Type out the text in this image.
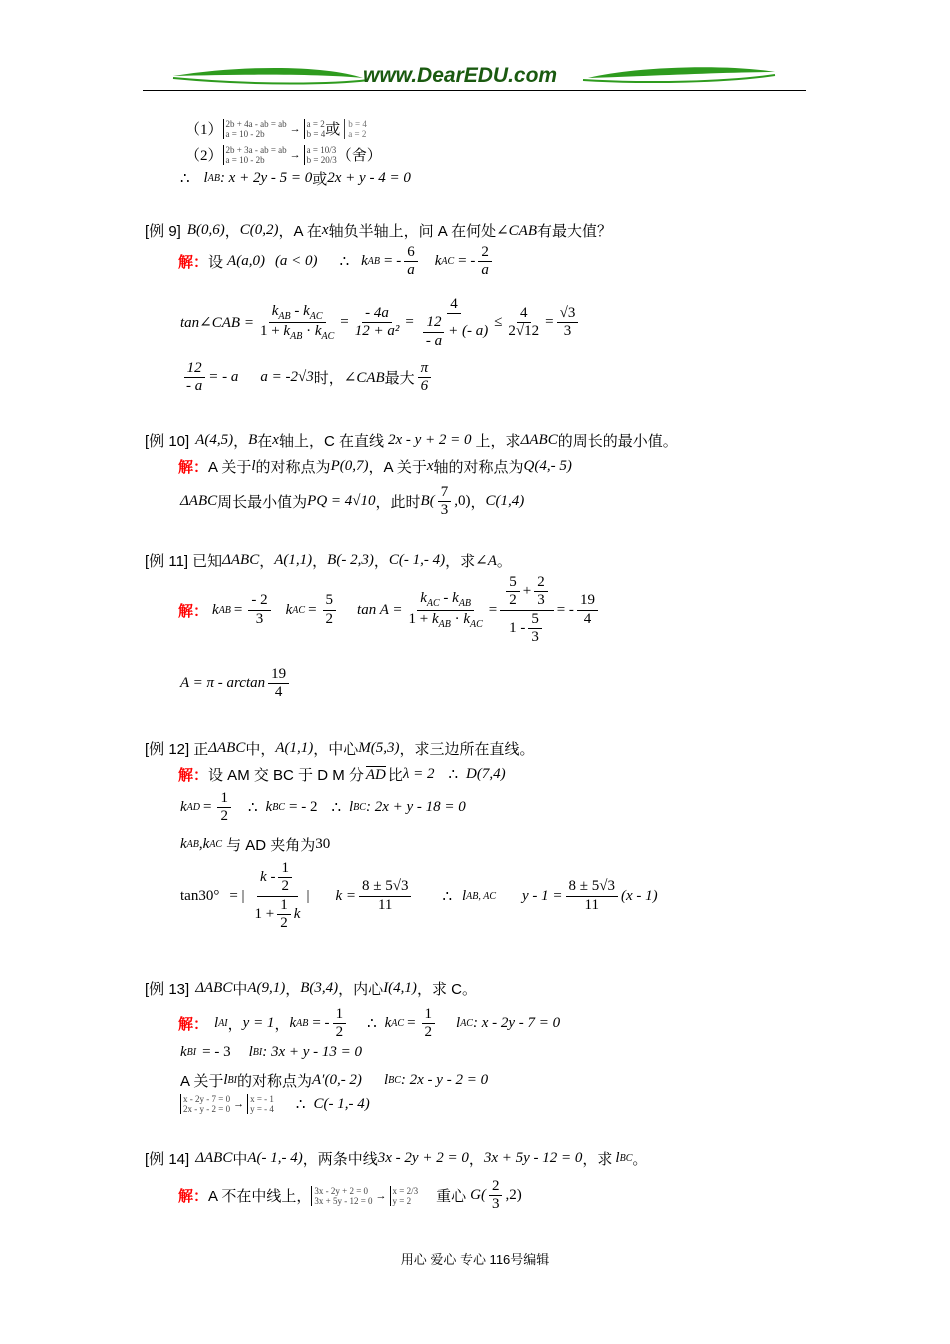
www.DearEDU.com
（1） 2b + 4a - ab = ab
a = 10 - 2b	→ a = 2
b = 4 或 b = 4
a = 2
（2） 2b + 3a - ab = ab
a = 10 - 2b	→ a = 10/3
b = 20/3 （舍）
∴ l AB : x + 2y - 5 = 0 或 2x + y - 4 = 0
[例 9] B(0,6) ， C(0,2) ，A 在 x 轴负半轴上，问 A 在何处 ∠CAB 有最大值？
解： 设 A(a,0) (a < 0) ∴ k AB = - $\frac{6}{a}$ k AC = - $\frac{2}{a}$
tan∠CAB = $\frac{k_{AB} - k_{AC}}{1 + k_{AB} \cdot k_{AC}} = \frac{- 4a}{\text{12 + a²}} = \frac{4}{\frac{12}{- a} + (- a)} \le \frac{4}{2√12} = \frac{√3}{3}$
$\frac{12}{- a}$ = - a a = -2√3 时， ∠CAB 最大 $\frac{\pi}{6}$
[例 10] A(4,5) ， B 在 x 轴上，C 在直线 2x - y + 2 = 0 上，求 ΔABC 的周长的最小值。
解： A 关于 l 的对称点为 P(0,7) ，A 关于 x 轴的对称点为 Q(4,- 5)
ΔABC 周长最小值为 PQ = 4√10 ，此时 $B( \frac{7}{3} ,0)$ ， C(1,4)
[例 11] 已知 ΔABC ， A(1,1) ， B(- 2,3) ， C(- 1,- 4) ， 求 ∠A 。
解： k AB = $\frac{- 2}{3}$ k AC = $\frac{5}{2}$ $\tan A = \frac{k_{AC} - k_{AB}}{1 + k_{AB} \cdot k_{AC}} = \frac{\frac{5}{2} + \frac{2}{3}}{1 - \frac{5}{3}}$ = - $\frac{19}{4}$
$A = \pi - \arctan \frac{19}{4}$
[例 12] 正 ΔABC 中， A(1,1) ，中心 M(5,3) ，求三边所在直线。
解： 设 AM 交 BC 于 D M 分 AD 比 λ = 2 ∴ D(7,4)
k AD = $\frac{1}{2}$ ∴ k BC = - 2 ∴ l BC : 2x + y - 18 = 0
k AB , k AC 与 AD 夹角为 30
tan30° = | $\frac{k - \frac{1}{2}}{1 + \frac{1}{2} k}$ | $k = \frac{8 \pm 5√3}{11}$ ∴ l AB, AC $y - 1 = \frac{8 \pm 5√3}{11} (x - 1)$
[例 13] ΔABC 中 A(9,1) ， B(3,4) ，内心 I(4,1) ，求 C。
解： l AI ， y = 1 ， k AB = - $\frac{1}{2}$ ∴ k AC = $\frac{1}{2}$ l AC : x - 2y - 7 = 0
k BI = - 3 l BI : 3x + y - 13 = 0
A 关于 l BI 的对称点为 A′(0,- 2) l BC : 2x - y - 2 = 0
x - 2y - 7 = 0
2x - y - 2 = 0 → x = - 1
y = - 4 ∴ C(- 1,- 4)
[例 14] ΔABC 中 A(- 1,- 4) ，两条中线 3x - 2y + 2 = 0 ， 3x + 5y - 12 = 0 ，求 l BC 。
解： A 不在中线上， 3x - 2y + 2 = 0
3x + 5y - 12 = 0 → x = 2/3
y = 2	重心 $G( \frac{2}{3} ,2)$
用心 爱心 专心 116号编辑
